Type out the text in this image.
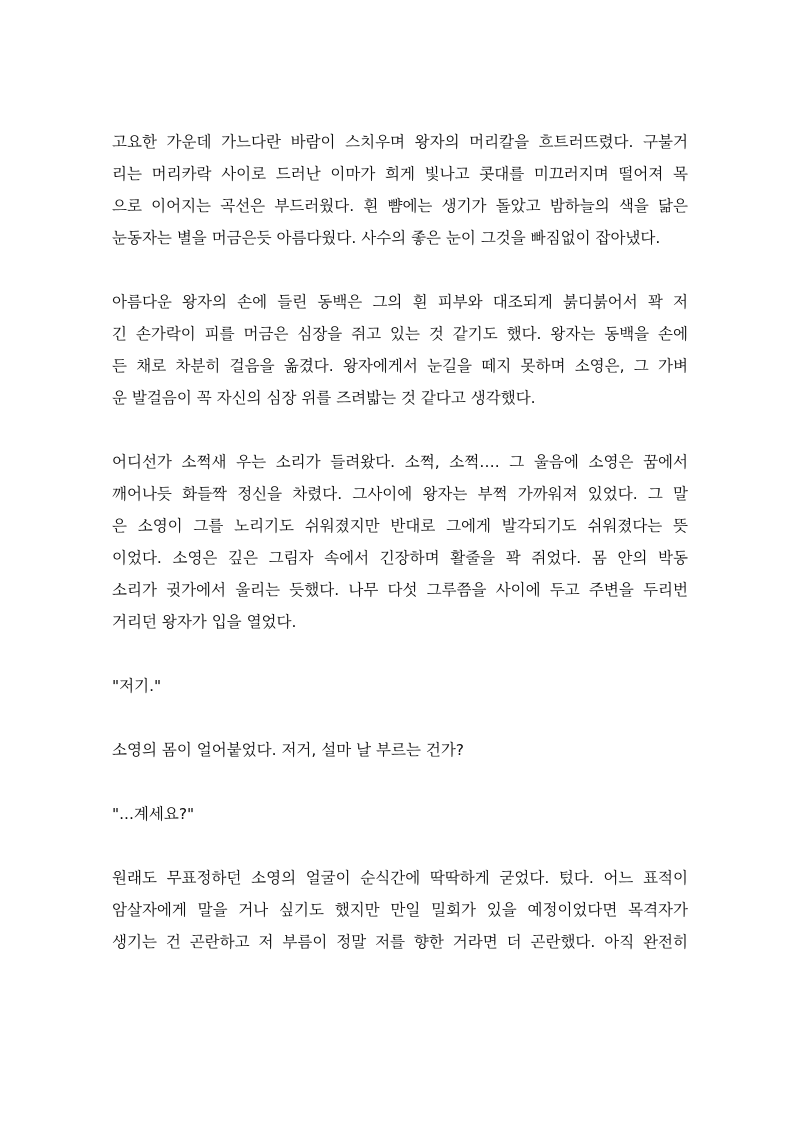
고요한 가운데 가느다란 바람이 스치우며 왕자의 머리칼을 흐트러뜨렸다. 구불거
리는 머리카락 사이로 드러난 이마가 희게 빛나고 콧대를 미끄러지며 떨어져 목
으로 이어지는 곡선은 부드러웠다. 흰 뺨에는 생기가 돌았고 밤하늘의 색을 닮은
눈동자는 별을 머금은듯 아름다웠다. 사수의 좋은 눈이 그것을 빠짐없이 잡아냈다.
아름다운 왕자의 손에 들린 동백은 그의 흰 피부와 대조되게 붉디붉어서 꽉 저
긴 손가락이 피를 머금은 심장을 쥐고 있는 것 같기도 했다. 왕자는 동백을 손에
든 채로 차분히 걸음을 옮겼다. 왕자에게서 눈길을 떼지 못하며 소영은, 그 가벼
운 발걸음이 꼭 자신의 심장 위를 즈려밟는 것 같다고 생각했다.
어디선가 소쩍새 우는 소리가 들려왔다. 소쩍, 소쩍…. 그 울음에 소영은 꿈에서
깨어나듯 화들짝 정신을 차렸다. 그사이에 왕자는 부쩍 가까워져 있었다. 그 말
은 소영이 그를 노리기도 쉬워졌지만 반대로 그에게 발각되기도 쉬워졌다는 뜻
이었다. 소영은 깊은 그림자 속에서 긴장하며 활줄을 꽉 쥐었다. 몸 안의 박동
소리가 귓가에서 울리는 듯했다. 나무 다섯 그루쯤을 사이에 두고 주변을 두리번
거리던 왕자가 입을 열었다.
"저기."
소영의 몸이 얼어붙었다. 저거, 설마 날 부르는 건가?
"...계세요?"
원래도 무표정하던 소영의 얼굴이 순식간에 딱딱하게 굳었다. 텄다. 어느 표적이
암살자에게 말을 거나 싶기도 했지만 만일 밀회가 있을 예정이었다면 목격자가
생기는 건 곤란하고 저 부름이 정말 저를 향한 거라면 더 곤란했다. 아직 완전히
